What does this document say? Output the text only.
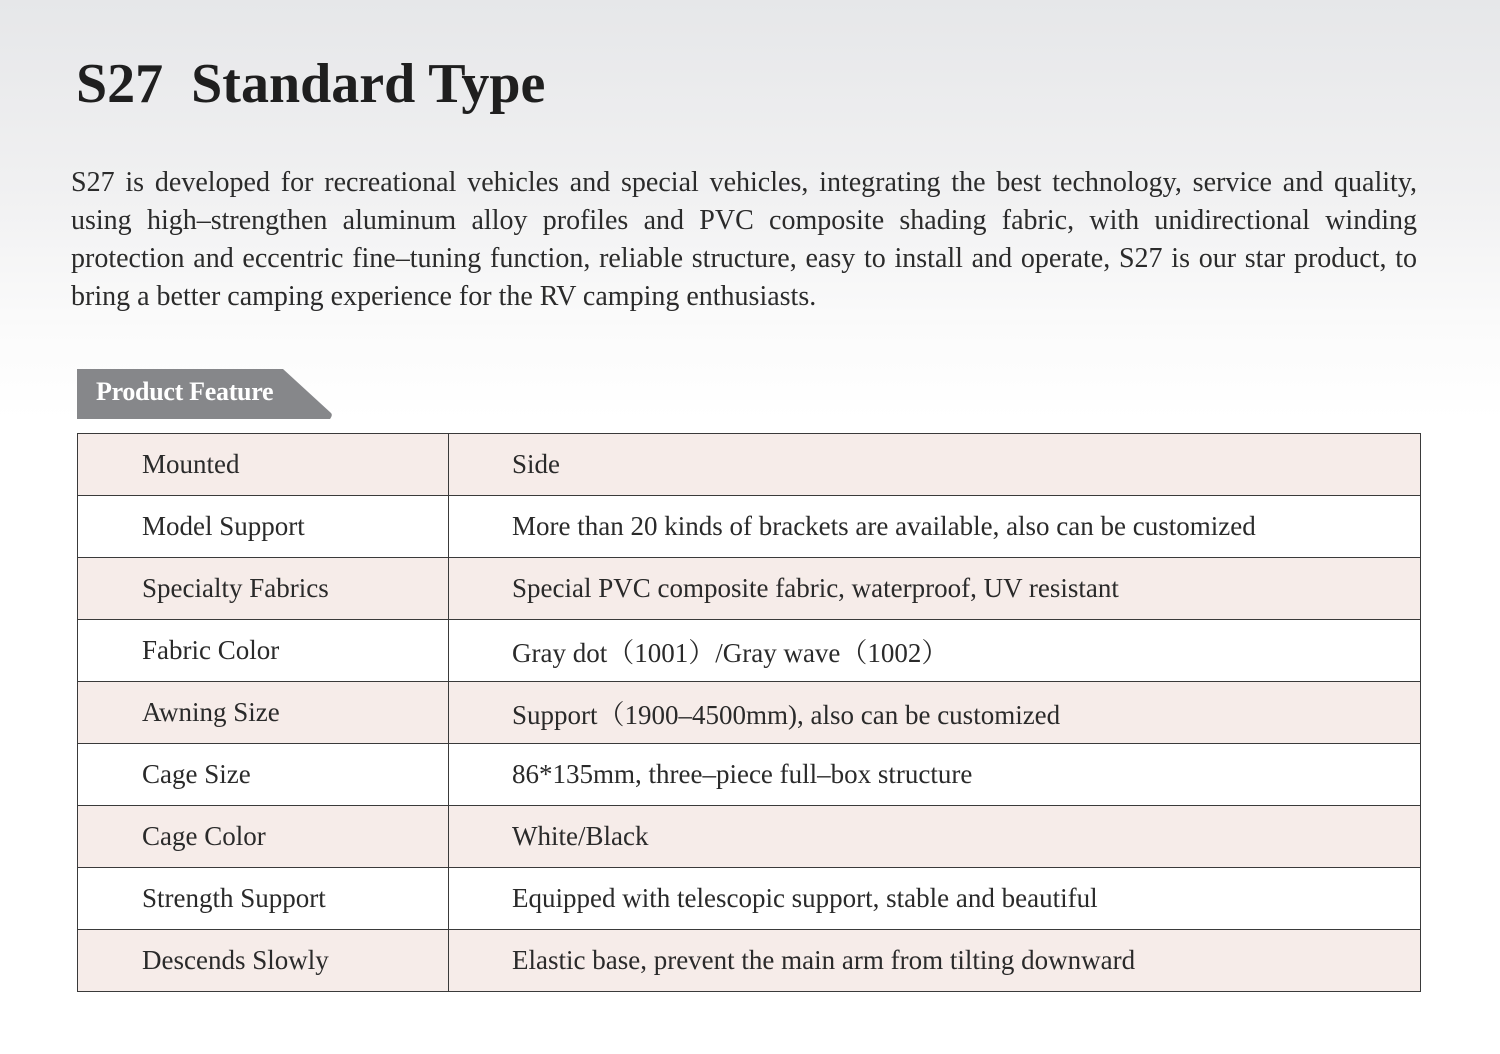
S27  Standard Type

S27 is developed for recreational vehicles and special vehicles, integrating the best technology, service and quality, using high–strengthen aluminum alloy profiles and PVC composite shading fabric, with unidirectional winding protection and eccentric fine–tuning function, reliable structure, easy to install and operate, S27 is our star product, to bring a better camping experience for the RV camping enthusiasts.

Product Feature
Mounted	Side
Model Support	More than 20 kinds of brackets are available, also can be customized
Specialty Fabrics	Special PVC composite fabric, waterproof, UV resistant
Fabric Color	Gray dot（1001）/Gray wave（1002）
Awning Size	Support（1900–4500mm), also can be customized
Cage Size	86*135mm, three–piece full–box structure
Cage Color	White/Black
Strength Support	Equipped with telescopic support, stable and beautiful
Descends Slowly	Elastic base, prevent the main arm from tilting downward
